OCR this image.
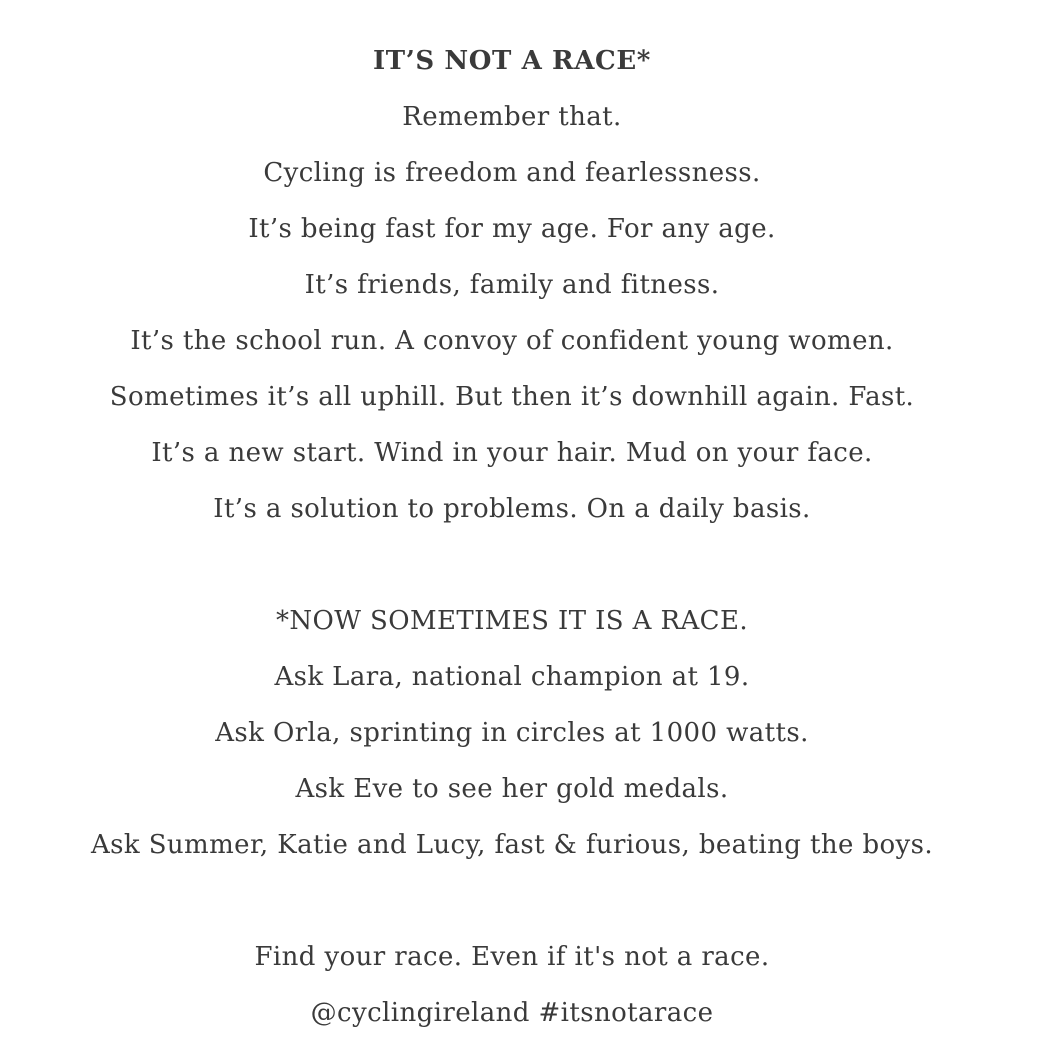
IT’S NOT A RACE*
Remember that.
Cycling is freedom and fearlessness.
It’s being fast for my age. For any age.
It’s friends, family and fitness.
It’s the school run. A convoy of confident young women.
Sometimes it’s all uphill. But then it’s downhill again. Fast.
It’s a new start. Wind in your hair. Mud on your face.
It’s a solution to problems. On a daily basis.
*NOW SOMETIMES IT IS A RACE.
Ask Lara, national champion at 19.
Ask Orla, sprinting in circles at 1000 watts.
Ask Eve to see her gold medals.
Ask Summer, Katie and Lucy, fast & furious, beating the boys.
Find your race. Even if it's not a race.
@cyclingireland #itsnotarace
